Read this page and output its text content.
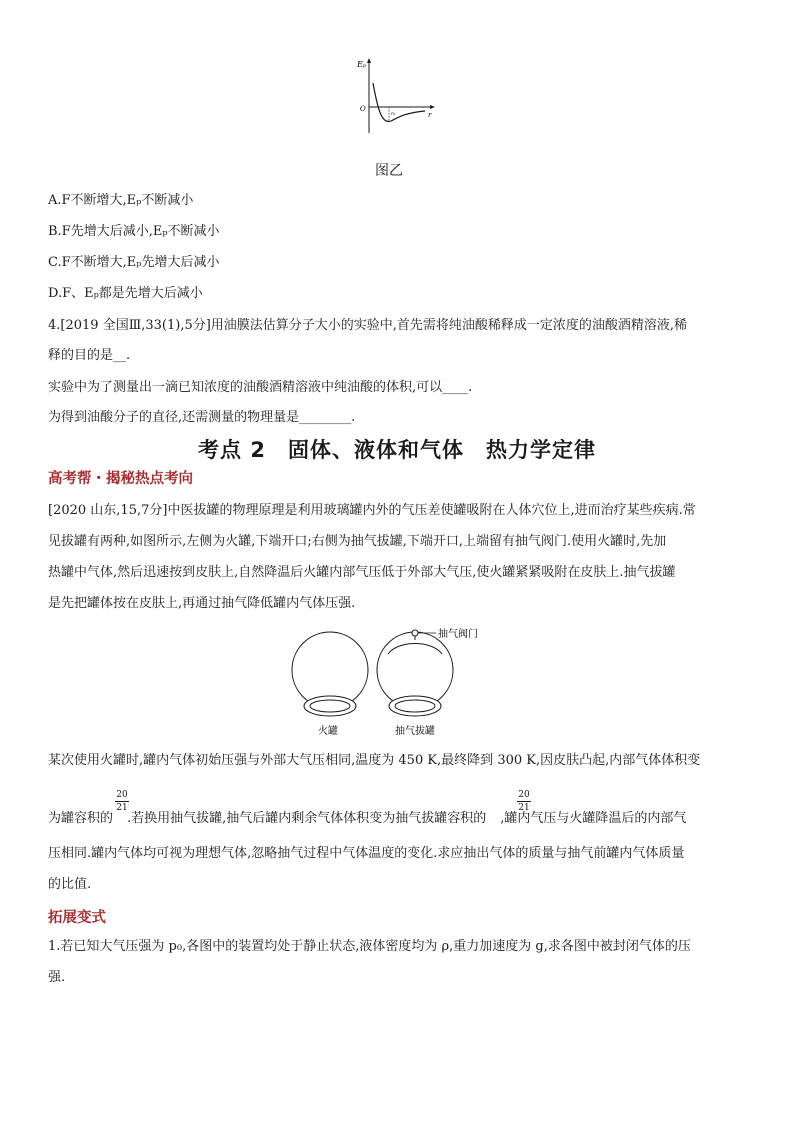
Eₚ
O
r
r₀
图乙
A.F不断增大,Eₚ不断减小
B.F先增大后减小,Eₚ不断减小
C.F不断增大,Eₚ先增大后减小
D.F、Eₚ都是先增大后减小
4.[2019 全国Ⅲ,33(1),5分]用油膜法估算分子大小的实验中,首先需将纯油酸稀释成一定浓度的油酸酒精溶液,稀
释的目的是__.
实验中为了测量出一滴已知浓度的油酸酒精溶液中纯油酸的体积,可以____.
为得到油酸分子的直径,还需测量的物理量是________.
考点 2　固体、液体和气体　热力学定律
高考帮・揭秘热点考向
[2020 山东,15,7分]中医拔罐的物理原理是利用玻璃罐内外的气压差使罐吸附在人体穴位上,进而治疗某些疾病.常
见拔罐有两种,如图所示,左侧为火罐,下端开口;右侧为抽气拔罐,下端开口,上端留有抽气阀门.使用火罐时,先加
热罐中气体,然后迅速按到皮肤上,自然降温后火罐内部气压低于外部大气压,使火罐紧紧吸附在皮肤上.抽气拔罐
是先把罐体按在皮肤上,再通过抽气降低罐内气体压强.
抽气阀门
火罐	抽气拔罐
某次使用火罐时,罐内气体初始压强与外部大气压相同,温度为 450 K,最终降到 300 K,因皮肤凸起,内部气体体积变
为罐容积的 .若换用抽气拔罐,抽气后罐内剩余气体体积变为抽气拔罐容积的 ,罐内气压与火罐降温后的内部气
20
21
20
21
压相同.罐内气体均可视为理想气体,忽略抽气过程中气体温度的变化.求应抽出气体的质量与抽气前罐内气体质量
的比值.
拓展变式
1.若已知大气压强为 p₀,各图中的装置均处于静止状态,液体密度均为 ρ,重力加速度为 g,求各图中被封闭气体的压
强.
